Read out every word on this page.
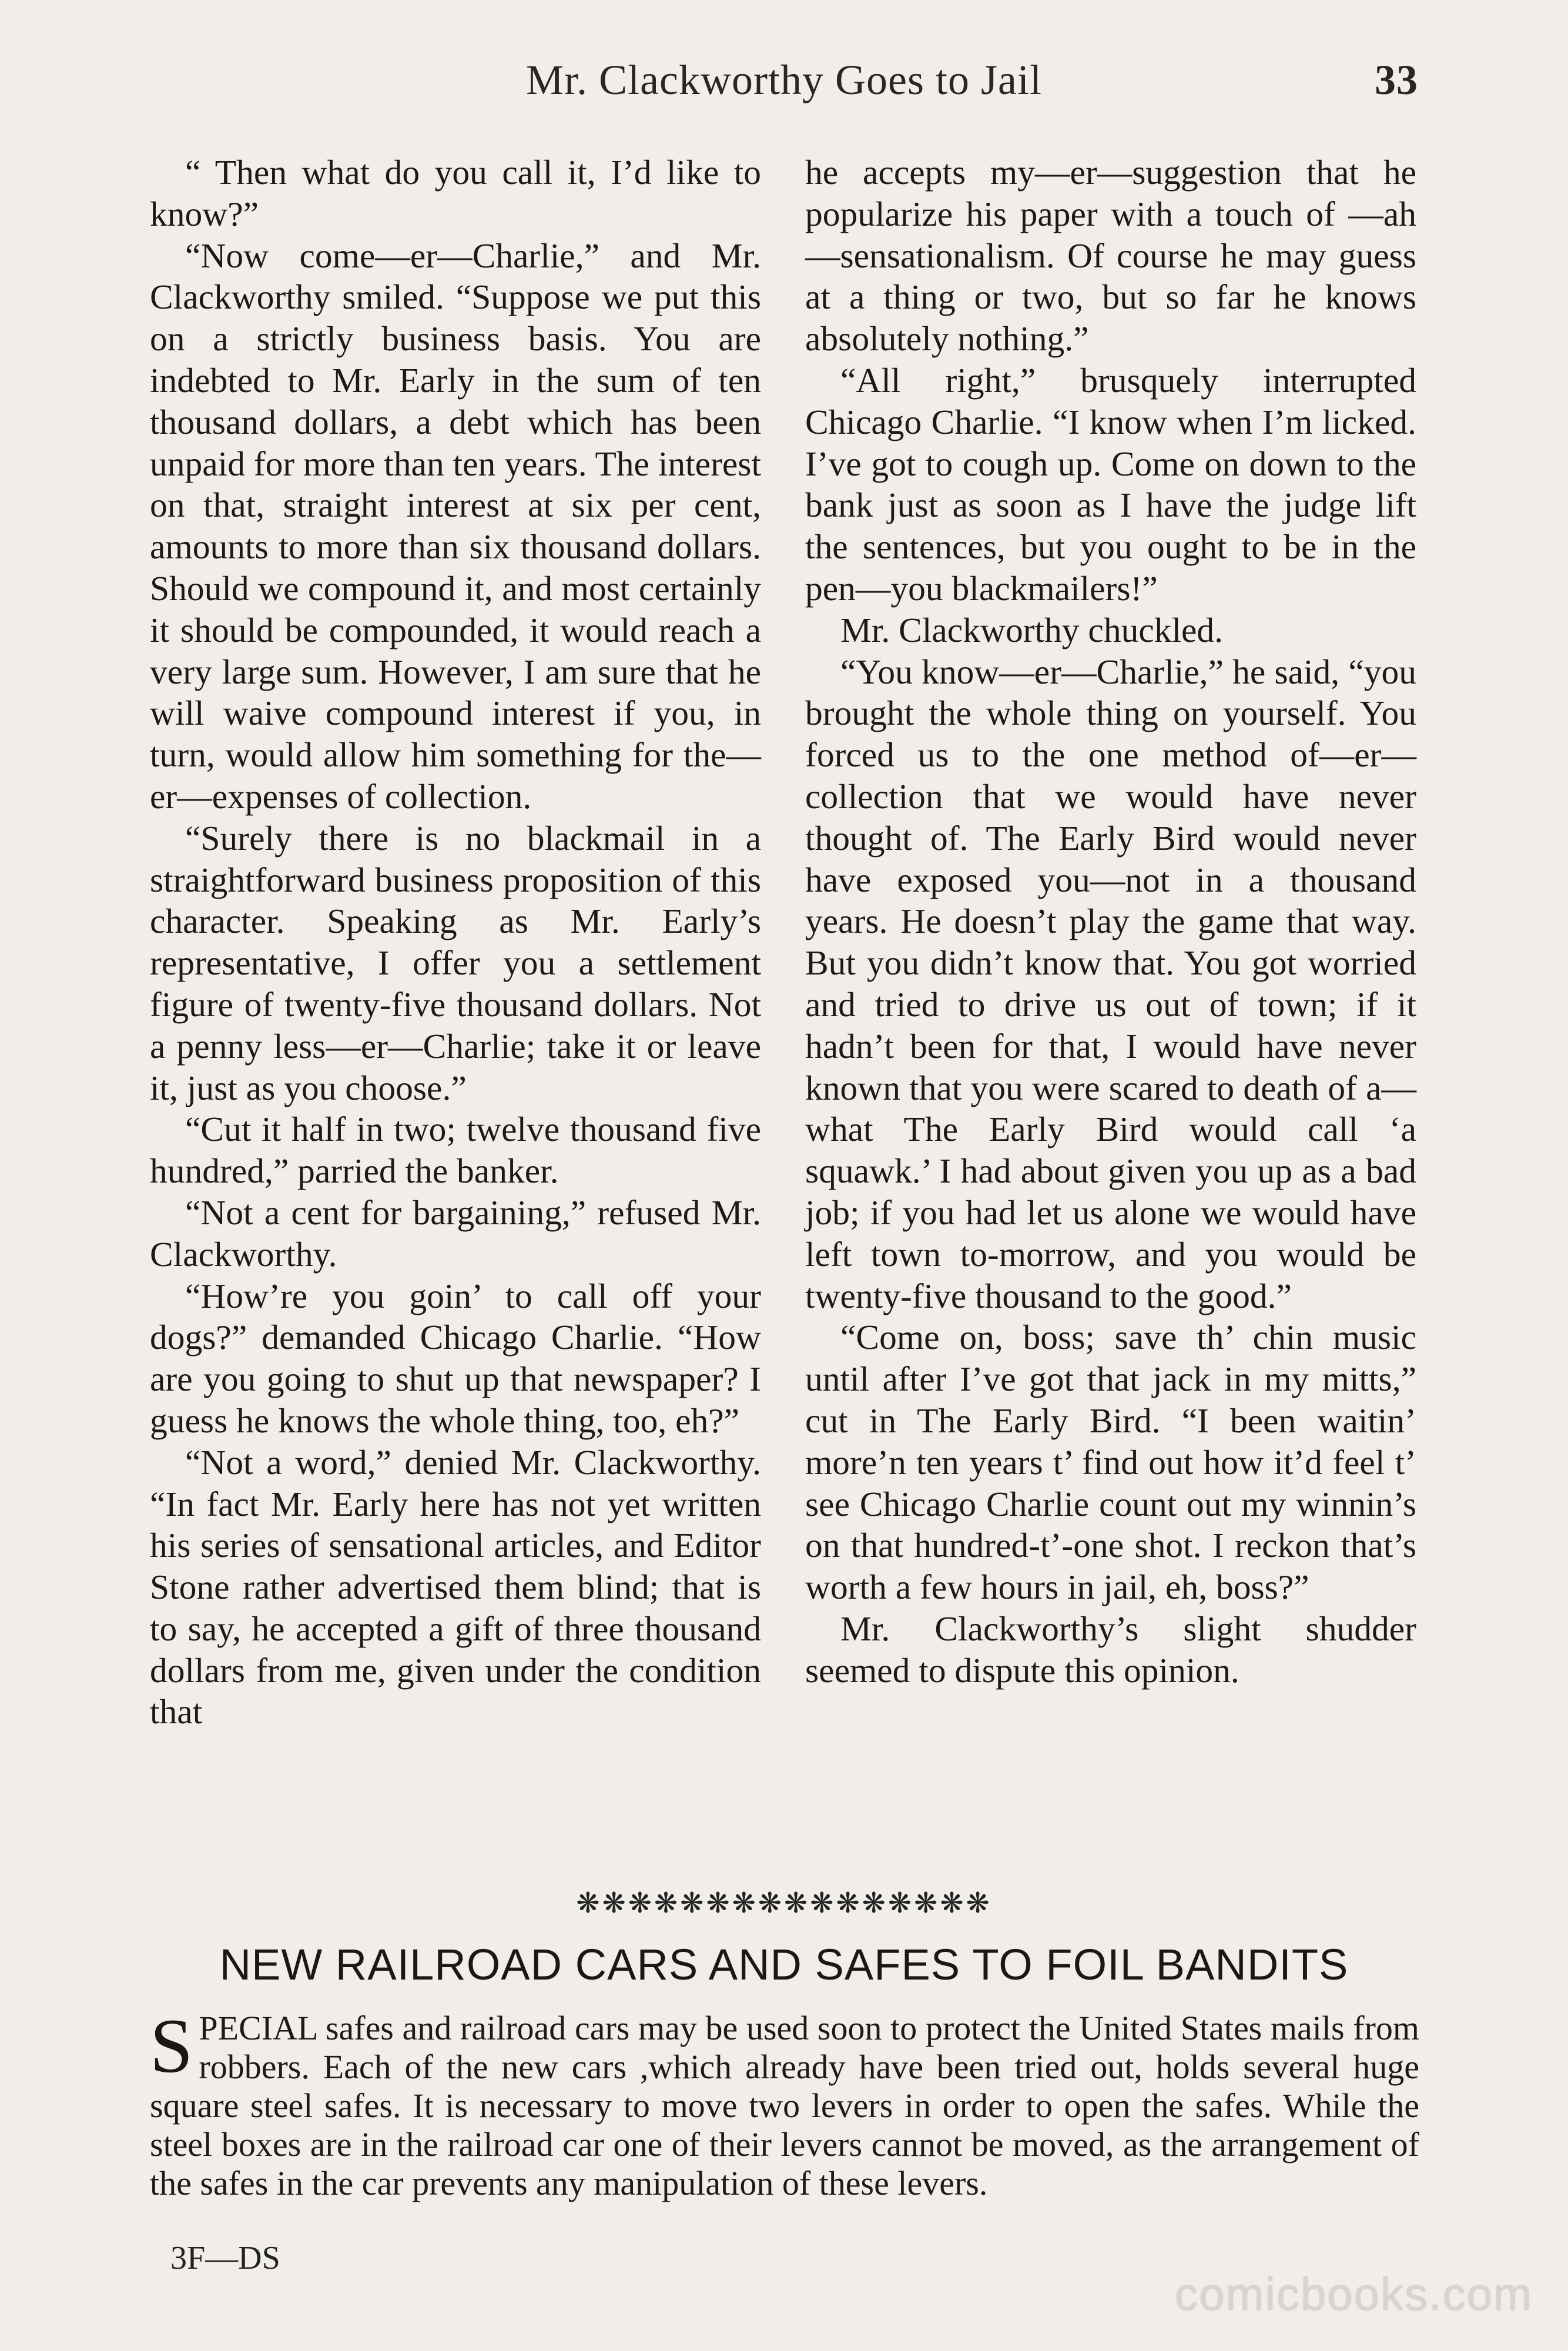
Mr. Clackworthy Goes to Jail	33

“ Then what do you call it, I’d like to know?”

“Now come—er—Charlie,” and Mr. Clackworthy smiled. “Suppose we put this on a strictly business basis. You are indebted to Mr. Early in the sum of ten thousand dollars, a debt which has been unpaid for more than ten years. The interest on that, straight interest at six per cent, amounts to more than six thousand dollars. Should we compound it, and most certainly it should be compounded, it would reach a very large sum. However, I am sure that he will waive compound interest if you, in turn, would allow him something for the—er—expenses of collection.

“Surely there is no blackmail in a straightforward business proposition of this character. Speaking as Mr. Early’s representative, I offer you a settlement figure of twenty-five thousand dollars. Not a penny less—er—Charlie; take it or leave it, just as you choose.”

“Cut it half in two; twelve thousand five hundred,” parried the banker.

“Not a cent for bargaining,” refused Mr. Clackworthy.

“How’re you goin’ to call off your dogs?” demanded Chicago Charlie. “How are you going to shut up that newspaper? I guess he knows the whole thing, too, eh?”

“Not a word,” denied Mr. Clackworthy. “In fact Mr. Early here has not yet written his series of sensational articles, and Editor Stone rather advertised them blind; that is to say, he accepted a gift of three thousand dollars from me, given under the condition that

he accepts my—er—suggestion that he popularize his paper with a touch of —ah—sensationalism. Of course he may guess at a thing or two, but so far he knows absolutely nothing.”

“All right,” brusquely interrupted Chicago Charlie. “I know when I’m licked. I’ve got to cough up. Come on down to the bank just as soon as I have the judge lift the sentences, but you ought to be in the pen—you blackmailers!”

Mr. Clackworthy chuckled.

“You know—er—Charlie,” he said, “you brought the whole thing on yourself. You forced us to the one method of—er—collection that we would have never thought of. The Early Bird would never have exposed you—not in a thousand years. He doesn’t play the game that way. But you didn’t know that. You got worried and tried to drive us out of town; if it hadn’t been for that, I would have never known that you were scared to death of a—what The Early Bird would call ‘a squawk.’ I had about given you up as a bad job; if you had let us alone we would have left town to-morrow, and you would be twenty-five thousand to the good.”

“Come on, boss; save th’ chin music until after I’ve got that jack in my mitts,” cut in The Early Bird. “I been waitin’ more’n ten years t’ find out how it’d feel t’ see Chicago Charlie count out my winnin’s on that hundred-t’-one shot. I reckon that’s worth a few hours in jail, eh, boss?”

Mr. Clackworthy’s slight shudder seemed to dispute this opinion.

❋❋❋❋❋❋❋❋❋❋❋❋❋❋❋❋
NEW RAILROAD CARS AND SAFES TO FOIL BANDITS
S PECIAL safes and railroad cars may be used soon to protect the United States mails from robbers. Each of the new cars ,which already have been tried out, holds several huge square steel safes. It is necessary to move two levers in order to open the safes. While the steel boxes are in the railroad car one of their levers cannot be moved, as the arrangement of the safes in the car prevents any manipulation of these levers.
3F—DS
comicbooks.com
